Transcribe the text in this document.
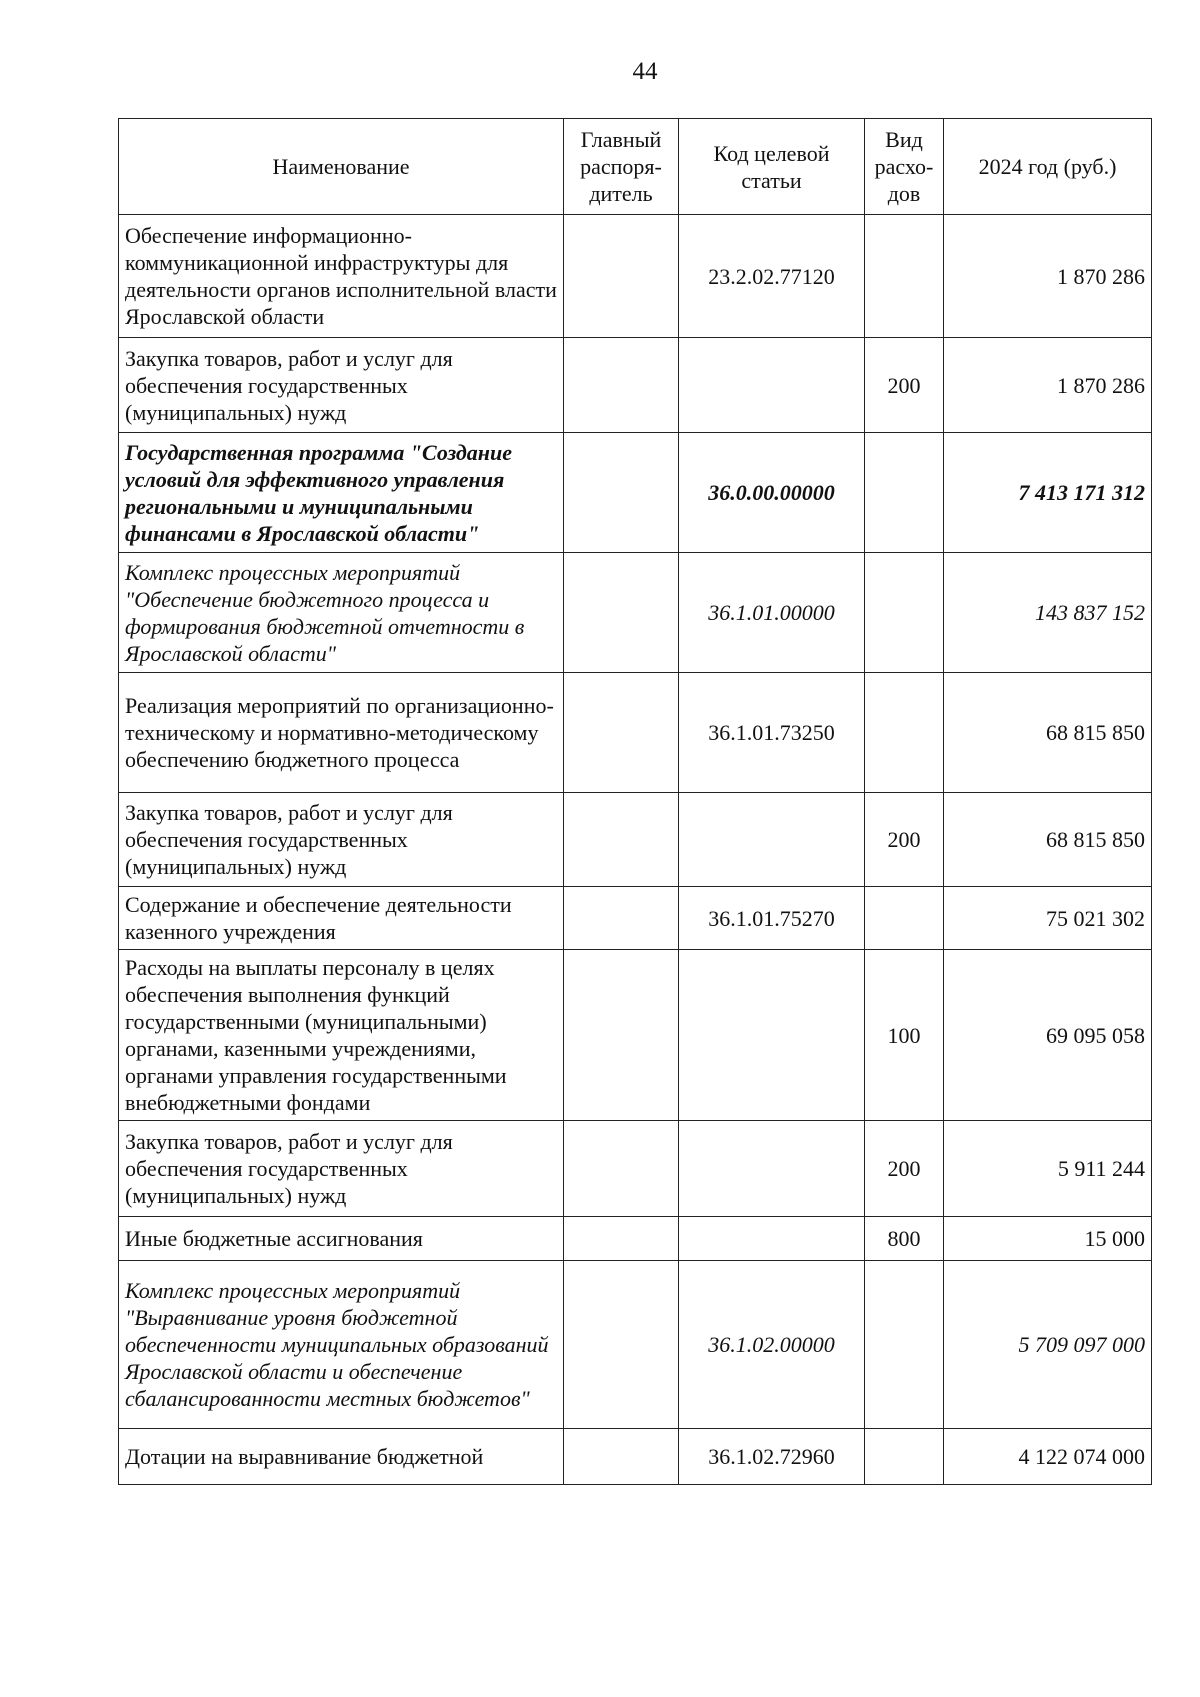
44
Наименование	Главный распоря-дитель	Код целевой статьи	Вид расхо-дов	2024 год (руб.)
Обеспечение информационно-коммуникационной инфраструктуры для деятельности органов исполнительной власти Ярославской области		23.2.02.77120		1 870 286
Закупка товаров, работ и услуг для обеспечения государственных (муниципальных) нужд			200	1 870 286
Государственная программа "Создание условий для эффективного управления региональными и муниципальными финансами в Ярославской области"		36.0.00.00000		7 413 171 312
Комплекс процессных мероприятий "Обеспечение бюджетного процесса и формирования бюджетной отчетности в Ярославской области"		36.1.01.00000		143 837 152
Реализация мероприятий по организационно-техническому и нормативно-методическому обеспечению бюджетного процесса		36.1.01.73250		68 815 850
Закупка товаров, работ и услуг для обеспечения государственных (муниципальных) нужд			200	68 815 850
Содержание и обеспечение деятельности казенного учреждения		36.1.01.75270		75 021 302
Расходы на выплаты персоналу в целях обеспечения выполнения функций государственными (муниципальными) органами, казенными учреждениями, органами управления государственными внебюджетными фондами			100	69 095 058
Закупка товаров, работ и услуг для обеспечения государственных (муниципальных) нужд			200	5 911 244
Иные бюджетные ассигнования			800	15 000
Комплекс процессных мероприятий "Выравнивание уровня бюджетной обеспеченности муниципальных образований Ярославской области и обеспечение сбалансированности местных бюджетов"		36.1.02.00000		5 709 097 000
Дотации на выравнивание бюджетной		36.1.02.72960		4 122 074 000
